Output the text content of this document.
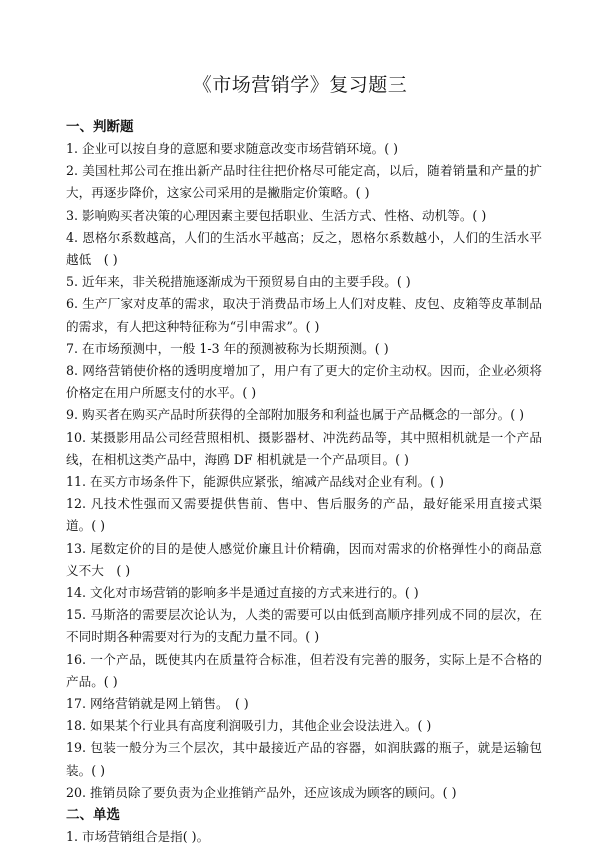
《市场营销学》复习题三

一、判断题

1. 企业可以按自身的意愿和要求随意改变市场营销环境。( )

2. 美国杜邦公司在推出新产品时往往把价格尽可能定高，以后，随着销量和产量的扩大，再逐步降价，这家公司采用的是撇脂定价策略。( )

3. 影响购买者决策的心理因素主要包括职业、生活方式、性格、动机等。( )

4. 恩格尔系数越高，人们的生活水平越高；反之，恩格尔系数越小，人们的生活水平越低　( )

5. 近年来，非关税措施逐渐成为干预贸易自由的主要手段。( )

6. 生产厂家对皮革的需求，取决于消费品市场上人们对皮鞋、皮包、皮箱等皮革制品的需求，有人把这种特征称为“引申需求”。( )

7. 在市场预测中，一般 1-3 年的预测被称为长期预测。( )

8. 网络营销使价格的透明度增加了，用户有了更大的定价主动权。因而，企业必须将价格定在用户所愿支付的水平。( )

9. 购买者在购买产品时所获得的全部附加服务和利益也属于产品概念的一部分。( )

10. 某摄影用品公司经营照相机、摄影器材、冲洗药品等，其中照相机就是一个产品线，在相机这类产品中，海鸥 DF 相机就是一个产品项目。( )

11. 在买方市场条件下，能源供应紧张，缩减产品线对企业有利。( )

12. 凡技术性强而又需要提供售前、售中、售后服务的产品，最好能采用直接式渠道。( )

13. 尾数定价的目的是使人感觉价廉且计价精确，因而对需求的价格弹性小的商品意义不大　( )

14. 文化对市场营销的影响多半是通过直接的方式来进行的。( )

15. 马斯洛的需要层次论认为，人类的需要可以由低到高顺序排列成不同的层次，在不同时期各种需要对行为的支配力量不同。( )

16. 一个产品，既使其内在质量符合标准，但若没有完善的服务，实际上是不合格的产品。( )

17. 网络营销就是网上销售。　( )

18. 如果某个行业具有高度利润吸引力，其他企业会设法进入。( )

19. 包装一般分为三个层次，其中最接近产品的容器，如润肤露的瓶子，就是运输包装。( )

20. 推销员除了要负责为企业推销产品外，还应该成为顾客的顾问。( )

二、单选

1. 市场营销组合是指( )。
